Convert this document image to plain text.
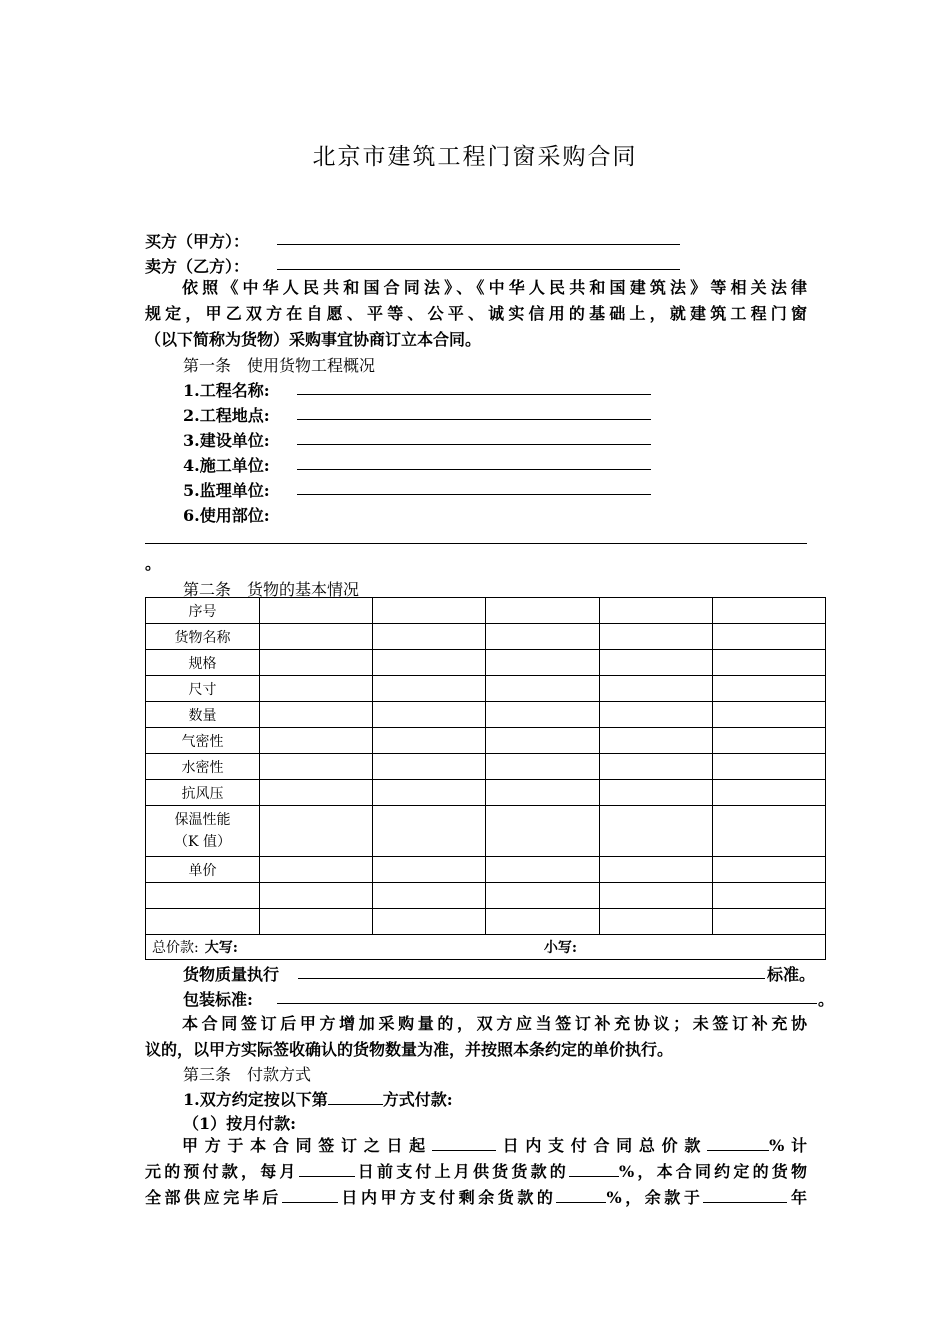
北京市建筑工程门窗采购合同
买方（甲方）：
卖方（乙方）：
依照《中华人民共和国合同法》、《中华人民共和国建筑法》等相关法律
规定，甲乙双方在自愿、平等、公平、诚实信用的基础上，就建筑工程门窗
（以下简称为货物）采购事宜协商订立本合同。
第一条　使用货物工程概况
1.工程名称:
2.工程地点:
3.建设单位:
4.施工单位:
5.监理单位:
6.使用部位:
。
第二条　货物的基本情况
序号					
货物名称					
规格					
尺寸					
数量					
气密性					
水密性					
抗风压					

保温性能
（K 值）					

单价					

总价款: 大写: 小写:					
货物质量执行	标准。
包装标准:	。
本合同签订后甲方增加采购量的，双方应当签订补充协议；未签订补充协
议的，以甲方实际签收确认的货物数量为准，并按照本条约定的单价执行。
第三条　付款方式
1.双方约定按以下第	方式付款:
（1）按月付款:
甲方于本合同签订之日起	日内支付合同总价款	%计
元的预付款，每月	日前支付上月供货货款的	%，本合同约定的货物
全部供应完毕后	日内甲方支付剩余货款的	%，余款于	年
